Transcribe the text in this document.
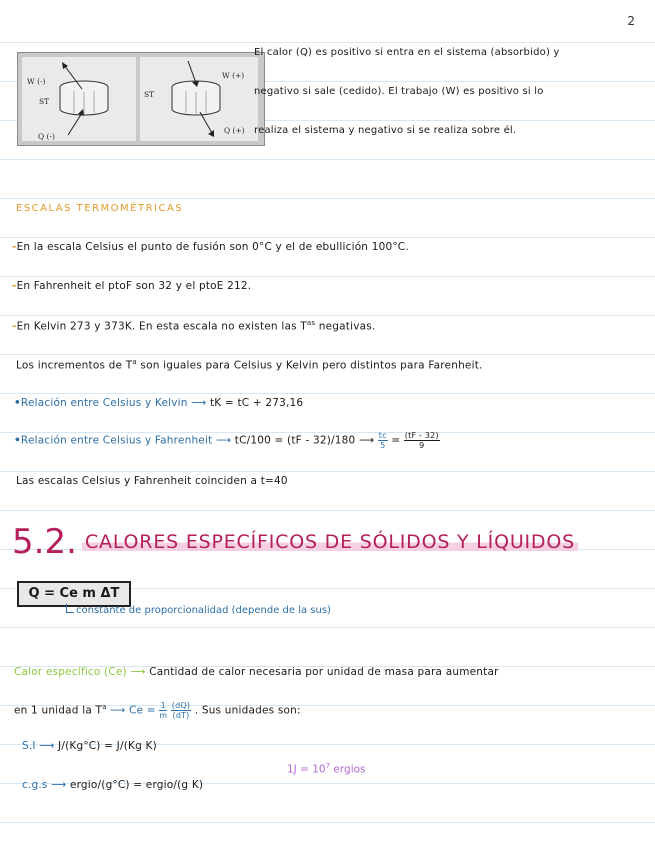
2
W (-)
ST
Q (-)
W (+)
ST
Q (+)
El calor (Q) es positivo si entra en el sistema (absorbido) y
negativo si sale (cedido). El trabajo (W) es positivo si lo
realiza el sistema y negativo si se realiza sobre él.
ESCALAS TERMOMÉTRICAS
-En la escala Celsius el punto de fusión son 0°C y el de ebullición 100°C.
-En Fahrenheit el ptoF son 32 y el ptoE 212.
-En Kelvin 273 y 373K. En esta escala no existen las $T^{as}$ negativas.
Los incrementos de $T^a$ son iguales para Celsius y Kelvin pero distintos para Farenheit.
•Relación entre Celsius y Kelvin ⟶ tK = tC + 273,16
•Relación entre Celsius y Fahrenheit ⟶ tC/100 = (tF - 32)/180 ⟶ $\frac{tc}{5} = \frac{(tF - 32)}{9}$
Las escalas Celsius y Fahrenheit coinciden a t=40
5.2. CALORES ESPECÍFICOS DE SÓLIDOS Y LÍQUIDOS
Q = Ce m ΔT
constante de proporcionalidad (depende de la sus)
Calor específico (Ce) ⟶ Cantidad de calor necesaria por unidad de masa para aumentar
en 1 unidad la $T^a$ ⟶ $Ce = \frac{1}{m}$
$\frac{(dQ)}{(dT)}$ . Sus unidades son:
S.I ⟶ J/(Kg°C) = J/(Kg K)
$1J = 10^7$ ergios
c.g.s ⟶ ergio/(g°C) = ergio/(g K)
